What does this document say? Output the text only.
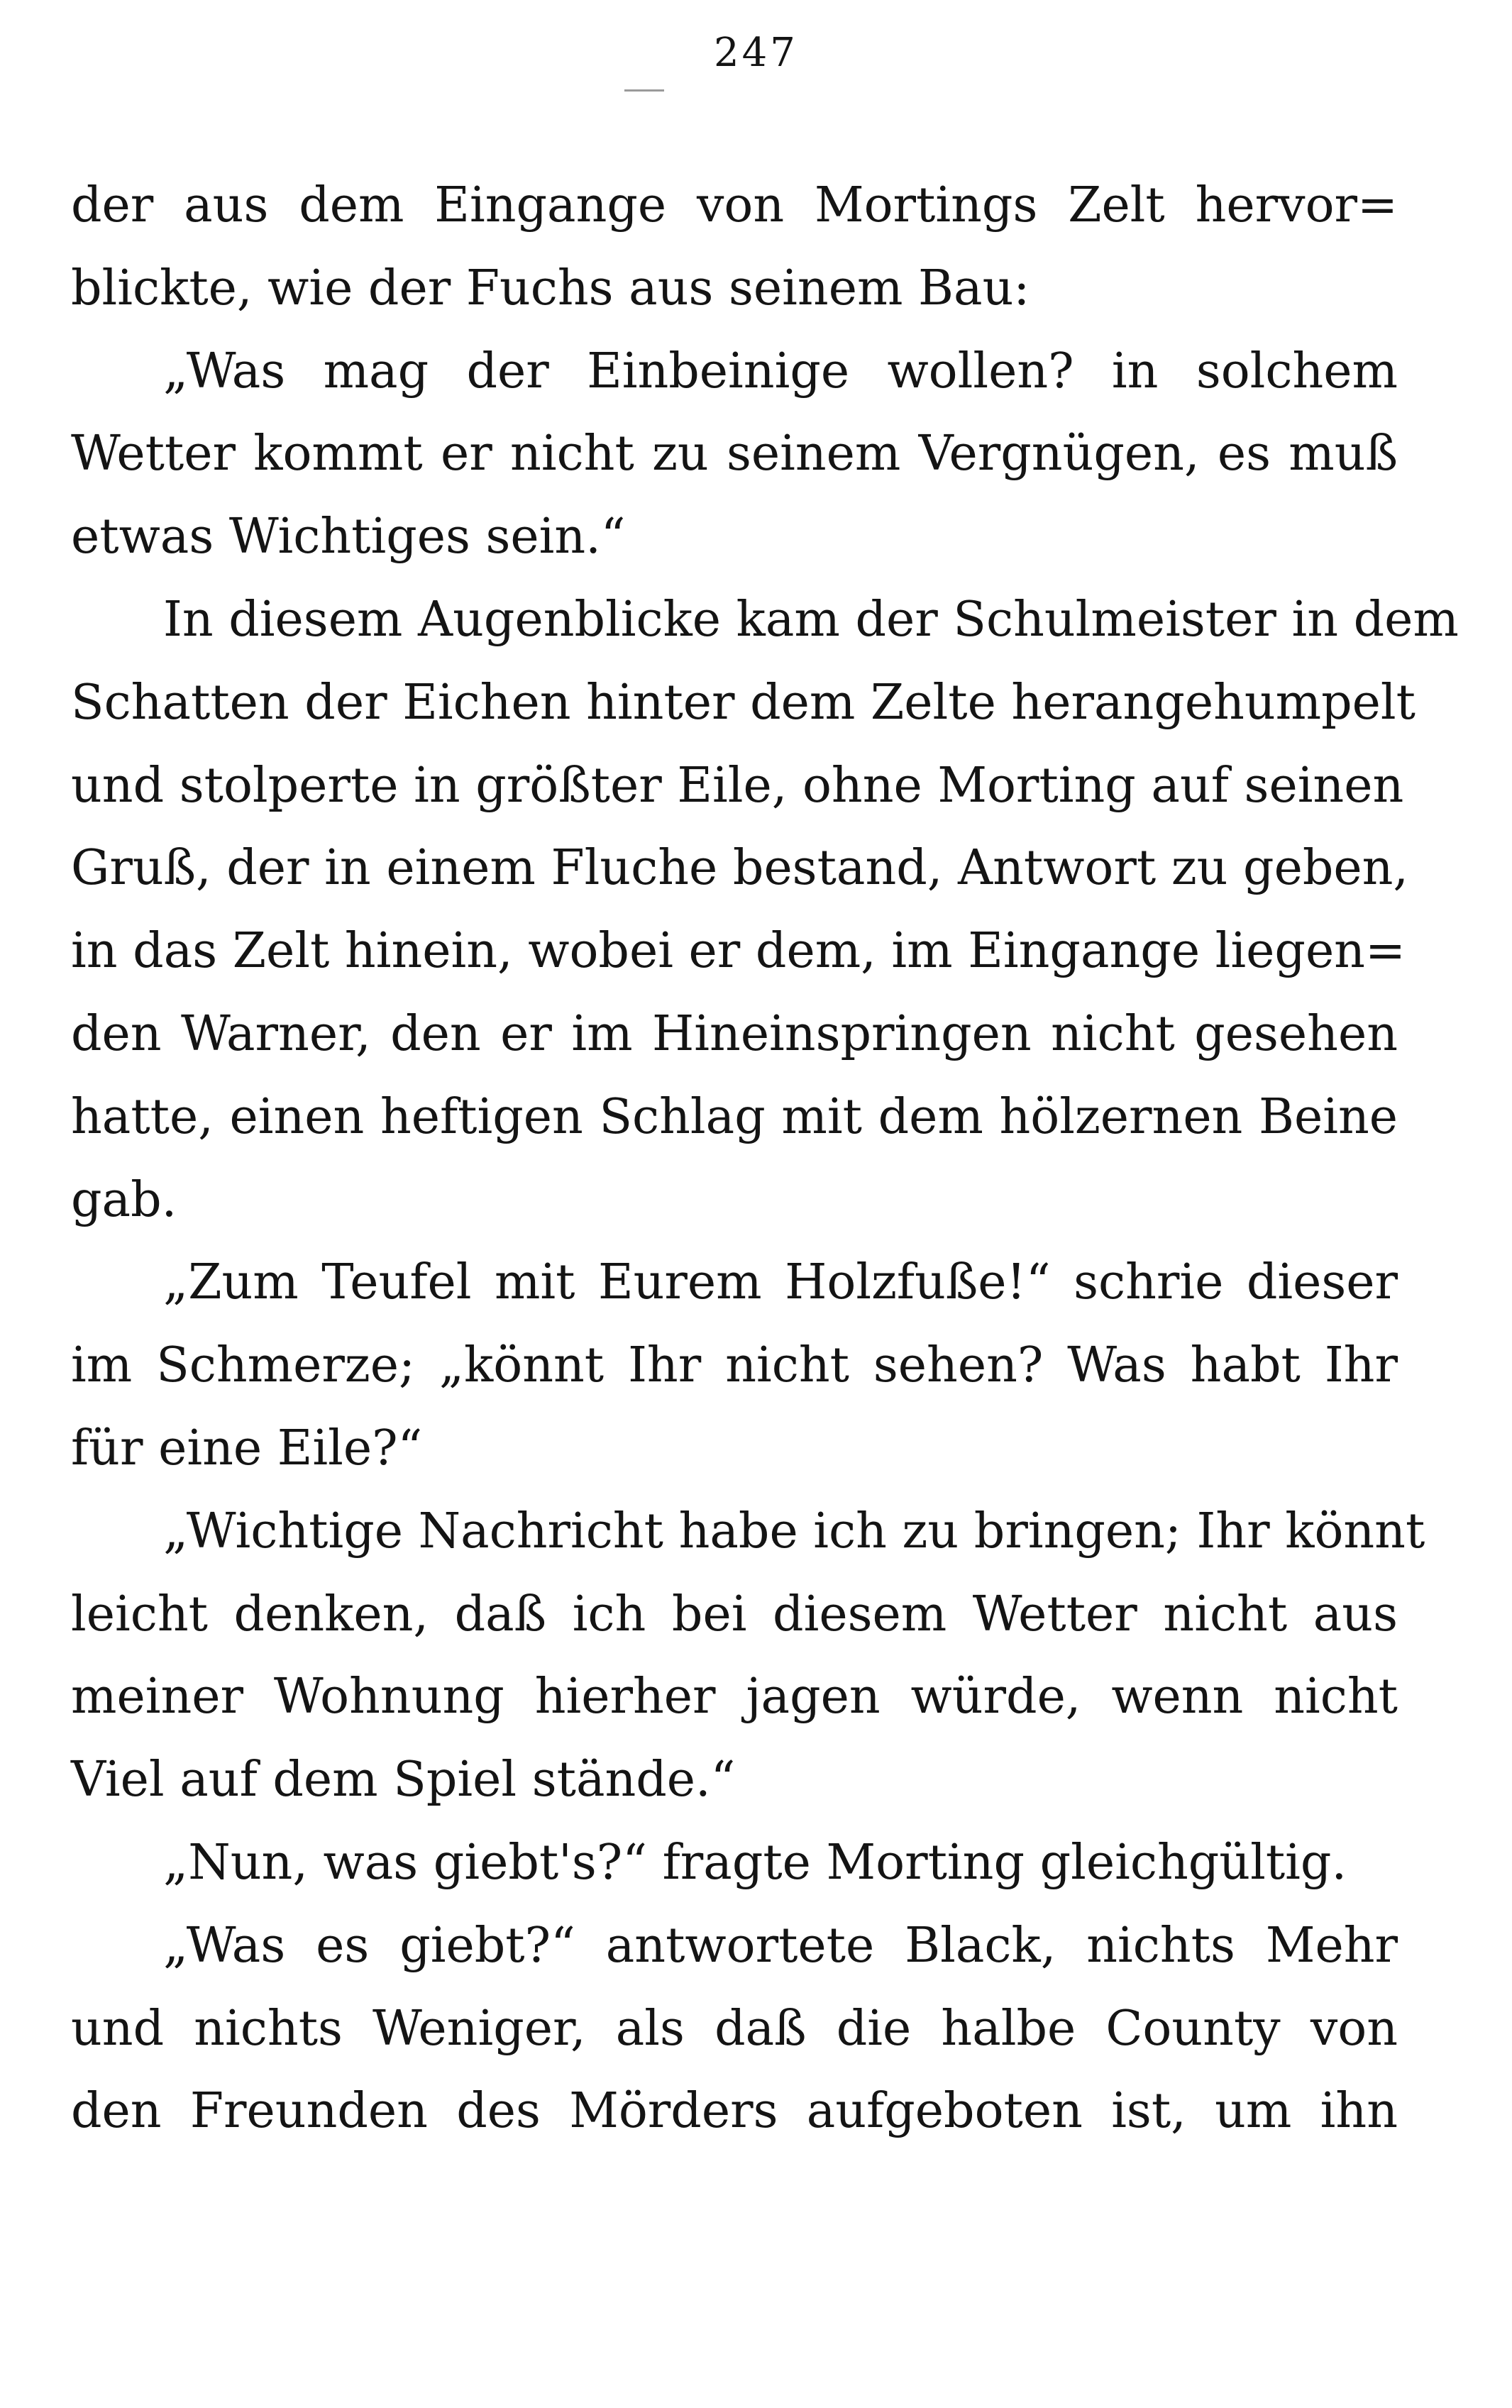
247
der aus dem Eingange von Mortings Zelt hervor=
blickte, wie der Fuchs aus seinem Bau:
„Was mag der Einbeinige wollen? in solchem
Wetter kommt er nicht zu seinem Vergnügen, es muß
etwas Wichtiges sein.“
In diesem Augenblicke kam der Schulmeister in dem
Schatten der Eichen hinter dem Zelte herangehumpelt
und stolperte in größter Eile, ohne Morting auf seinen
Gruß, der in einem Fluche bestand, Antwort zu geben,
in das Zelt hinein, wobei er dem, im Eingange liegen=
den Warner, den er im Hineinspringen nicht gesehen
hatte, einen heftigen Schlag mit dem hölzernen Beine
gab.
„Zum Teufel mit Eurem Holzfuße!“ schrie dieser
im Schmerze; „könnt Ihr nicht sehen? Was habt Ihr
für eine Eile?“
„Wichtige Nachricht habe ich zu bringen; Ihr könnt
leicht denken, daß ich bei diesem Wetter nicht aus
meiner Wohnung hierher jagen würde, wenn nicht
Viel auf dem Spiel stände.“
„Nun, was giebt's?“ fragte Morting gleichgültig.
„Was es giebt?“ antwortete Black, nichts Mehr
und nichts Weniger, als daß die halbe County von
den Freunden des Mörders aufgeboten ist, um ihn
